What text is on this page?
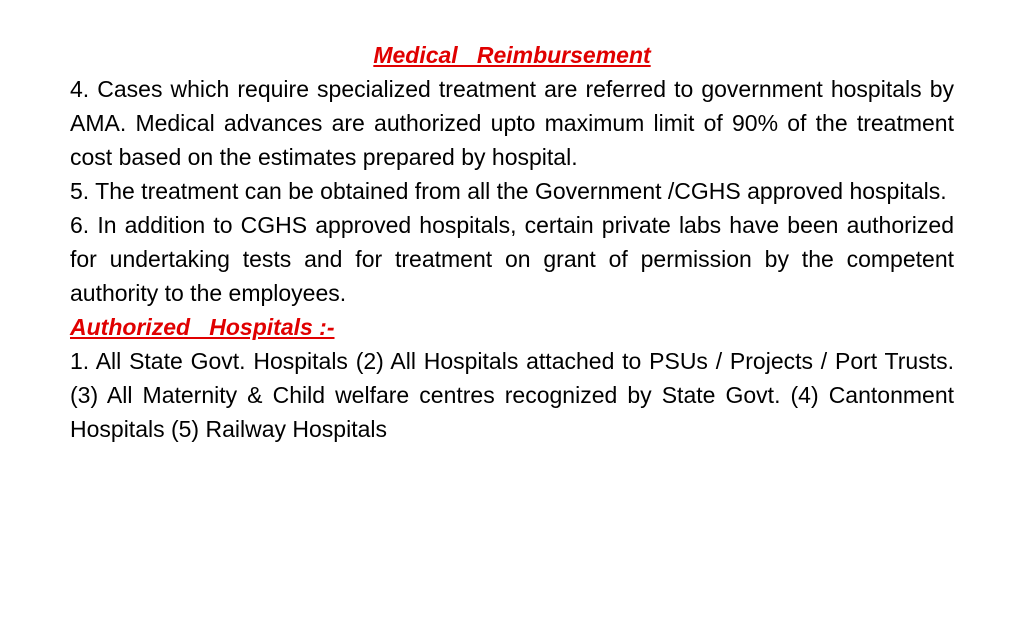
Medical   Reimbursement

4. Cases which require specialized treatment are referred to government hospitals by AMA. Medical advances are authorized upto maximum limit of 90% of the treatment cost based on the estimates prepared by hospital.

5. The treatment can be obtained from all the Government /CGHS approved hospitals.

6. In addition to CGHS approved hospitals, certain private labs have been authorized for undertaking tests and for treatment on grant of permission by the competent authority to the employees.

Authorized   Hospitals :-

1. All State Govt. Hospitals (2) All Hospitals attached to PSUs / Projects / Port Trusts. (3) All Maternity & Child welfare centres recognized by State Govt. (4) Cantonment Hospitals (5) Railway Hospitals
